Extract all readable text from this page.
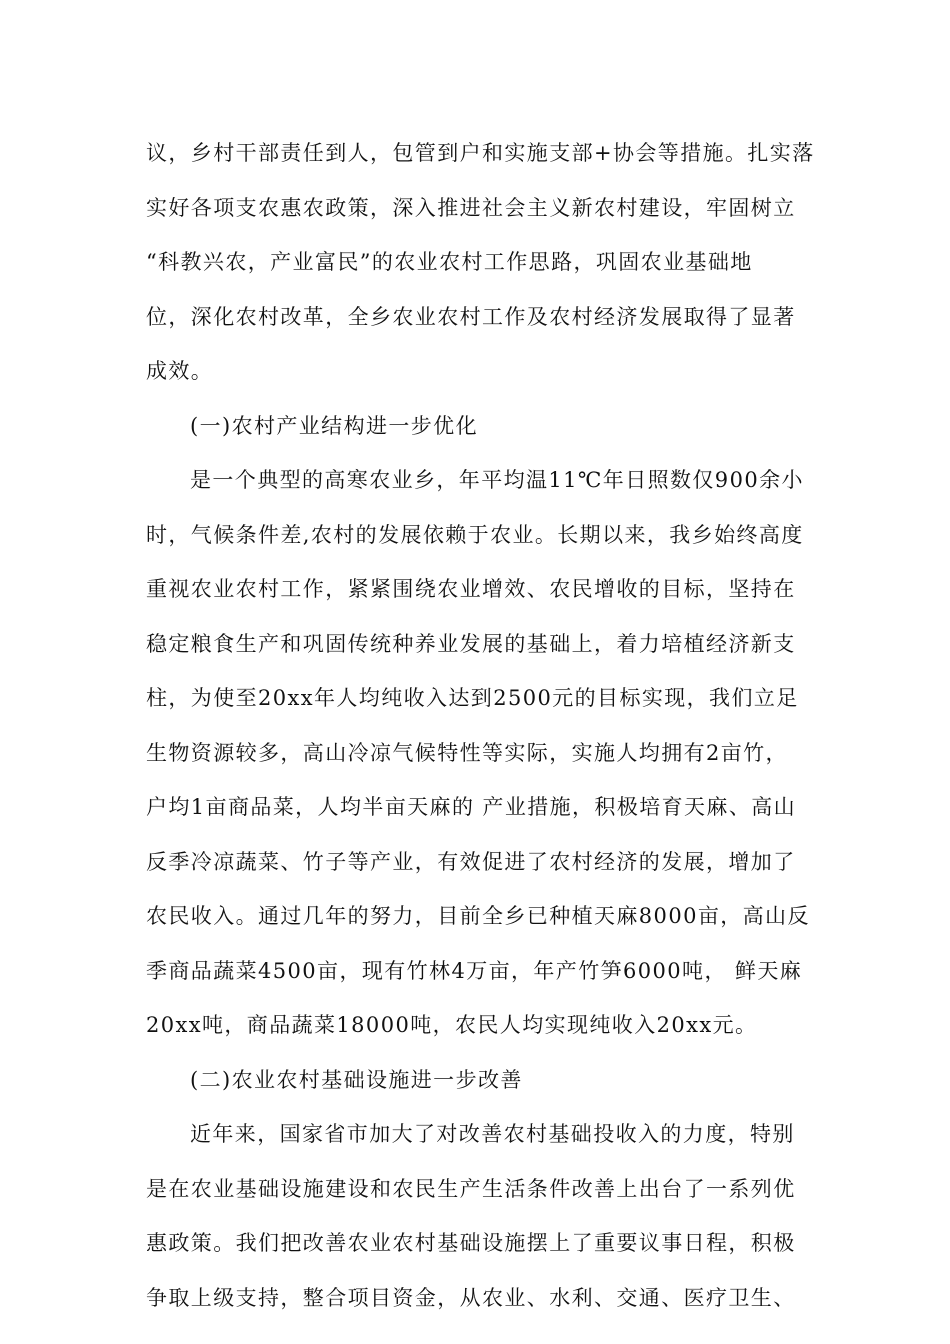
议，乡村干部责任到人，包管到户和实施支部+协会等措施。扎实落
实好各项支农惠农政策，深入推进社会主义新农村建设，牢固树立
“科教兴农，产业富民”的农业农村工作思路，巩固农业基础地
位，深化农村改革，全乡农业农村工作及农村经济发展取得了显著
成效。
(一)农村产业结构进一步优化
是一个典型的高寒农业乡，年平均温11℃年日照数仅900余小
时，气候条件差,农村的发展依赖于农业。长期以来，我乡始终高度
重视农业农村工作，紧紧围绕农业增效、农民增收的目标，坚持在
稳定粮食生产和巩固传统种养业发展的基础上，着力培植经济新支
柱，为使至20xx年人均纯收入达到2500元的目标实现，我们立足
生物资源较多，高山冷凉气候特性等实际，实施人均拥有2亩竹，
户均1亩商品菜，人均半亩天麻的 产业措施，积极培育天麻、高山
反季冷凉蔬菜、竹子等产业，有效促进了农村经济的发展，增加了
农民收入。通过几年的努力，目前全乡已种植天麻8000亩，高山反
季商品蔬菜4500亩，现有竹林4万亩，年产竹笋6000吨， 鲜天麻
20xx吨，商品蔬菜18000吨，农民人均实现纯收入20xx元。
(二)农业农村基础设施进一步改善
近年来，国家省市加大了对改善农村基础投收入的力度，特别
是在农业基础设施建设和农民生产生活条件改善上出台了一系列优
惠政策。我们把改善农业农村基础设施摆上了重要议事日程，积极
争取上级支持，整合项目资金，从农业、水利、交通、医疗卫生、
